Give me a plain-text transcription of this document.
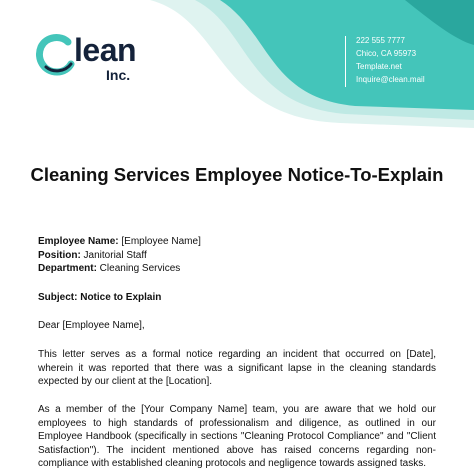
lean
Inc.
222 555 7777
Chico, CA 95973
Template.net
Inquire@clean.mail
Cleaning Services Employee Notice-To-Explain
Employee Name: [Employee Name]
Position: Janitorial Staff
Department: Cleaning Services
Subject: Notice to Explain
Dear [Employee Name],
This letter serves as a formal notice regarding an incident that occurred on [Date], wherein it was reported that there was a significant lapse in the cleaning standards expected by our client at the [Location].
As a member of the [Your Company Name] team, you are aware that we hold our employees to high standards of professionalism and diligence, as outlined in our Employee Handbook (specifically in sections "Cleaning Protocol Compliance" and "Client Satisfaction"). The incident mentioned above has raised concerns regarding non-compliance with established cleaning protocols and negligence towards assigned tasks.
